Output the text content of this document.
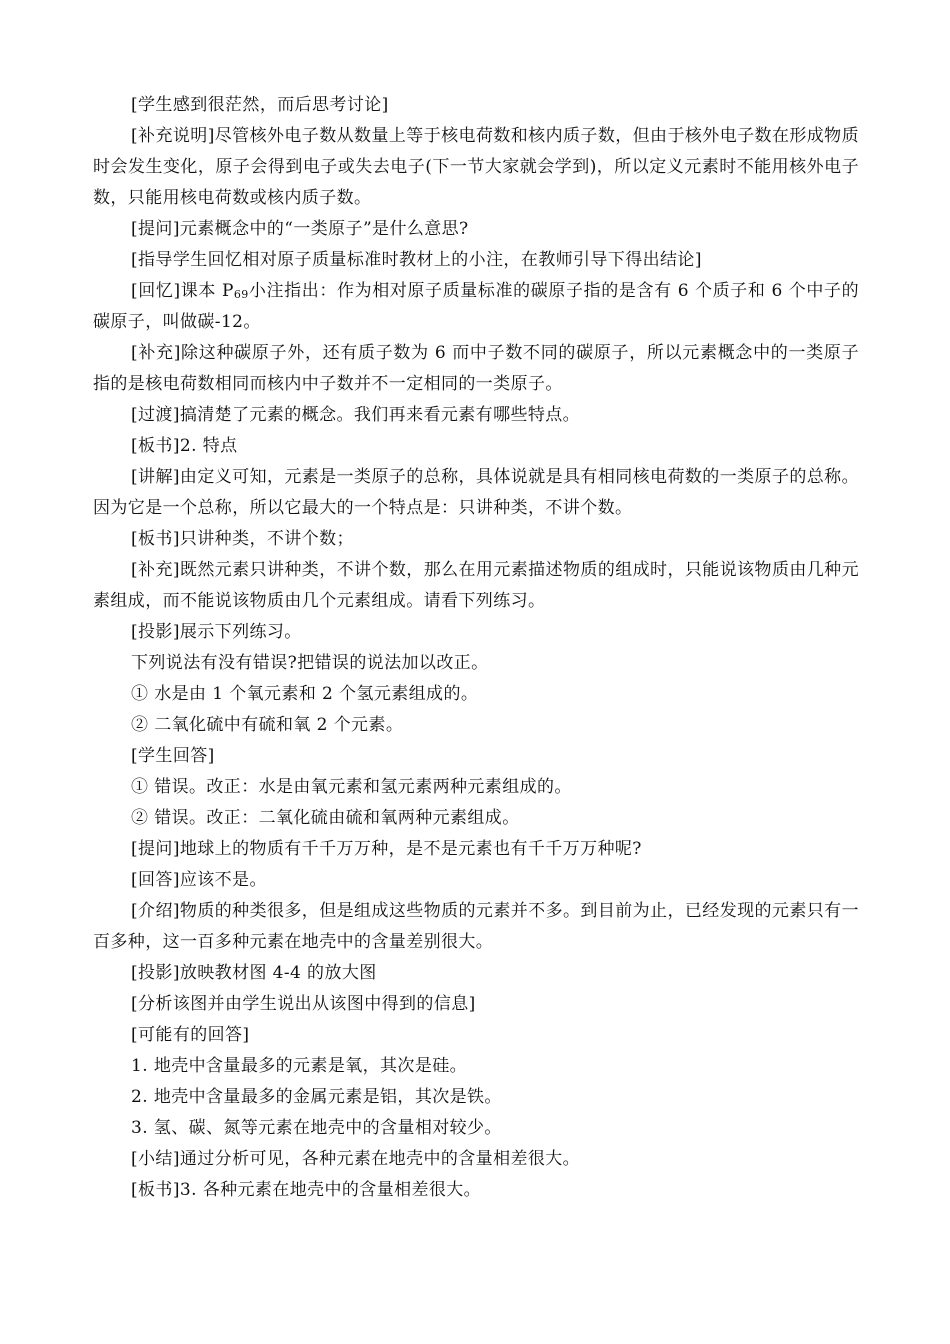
[学生感到很茫然，而后思考讨论]

[补充说明]尽管核外电子数从数量上等于核电荷数和核内质子数，但由于核外电子数在形成物质时会发生变化，原子会得到电子或失去电子(下一节大家就会学到)，所以定义元素时不能用核外电子数，只能用核电荷数或核内质子数。

[提问]元素概念中的“一类原子”是什么意思?

[指导学生回忆相对原子质量标准时教材上的小注，在教师引导下得出结论]

[回忆]课本 $P_{69}$小注指出：作为相对原子质量标准的碳原子指的是含有 6 个质子和 6 个中子的碳原子，叫做碳-12。

[补充]除这种碳原子外，还有质子数为 6 而中子数不同的碳原子，所以元素概念中的一类原子指的是核电荷数相同而核内中子数并不一定相同的一类原子。

[过渡]搞清楚了元素的概念。我们再来看元素有哪些特点。

[板书]2. 特点

[讲解]由定义可知，元素是一类原子的总称，具体说就是具有相同核电荷数的一类原子的总称。因为它是一个总称，所以它最大的一个特点是：只讲种类，不讲个数。

[板书]只讲种类，不讲个数；

[补充]既然元素只讲种类，不讲个数，那么在用元素描述物质的组成时，只能说该物质由几种元素组成，而不能说该物质由几个元素组成。请看下列练习。

[投影]展示下列练习。

下列说法有没有错误?把错误的说法加以改正。

① 水是由 1 个氧元素和 2 个氢元素组成的。

② 二氧化硫中有硫和氧 2 个元素。

[学生回答]

① 错误。改正：水是由氧元素和氢元素两种元素组成的。

② 错误。改正：二氧化硫由硫和氧两种元素组成。

[提问]地球上的物质有千千万万种，是不是元素也有千千万万种呢?

[回答]应该不是。

[介绍]物质的种类很多，但是组成这些物质的元素并不多。到目前为止，已经发现的元素只有一百多种，这一百多种元素在地壳中的含量差别很大。

[投影]放映教材图 4-4 的放大图

[分析该图并由学生说出从该图中得到的信息]

[可能有的回答]

1. 地壳中含量最多的元素是氧，其次是硅。

2. 地壳中含量最多的金属元素是铝，其次是铁。

3. 氢、碳、氮等元素在地壳中的含量相对较少。

[小结]通过分析可见，各种元素在地壳中的含量相差很大。

[板书]3. 各种元素在地壳中的含量相差很大。
